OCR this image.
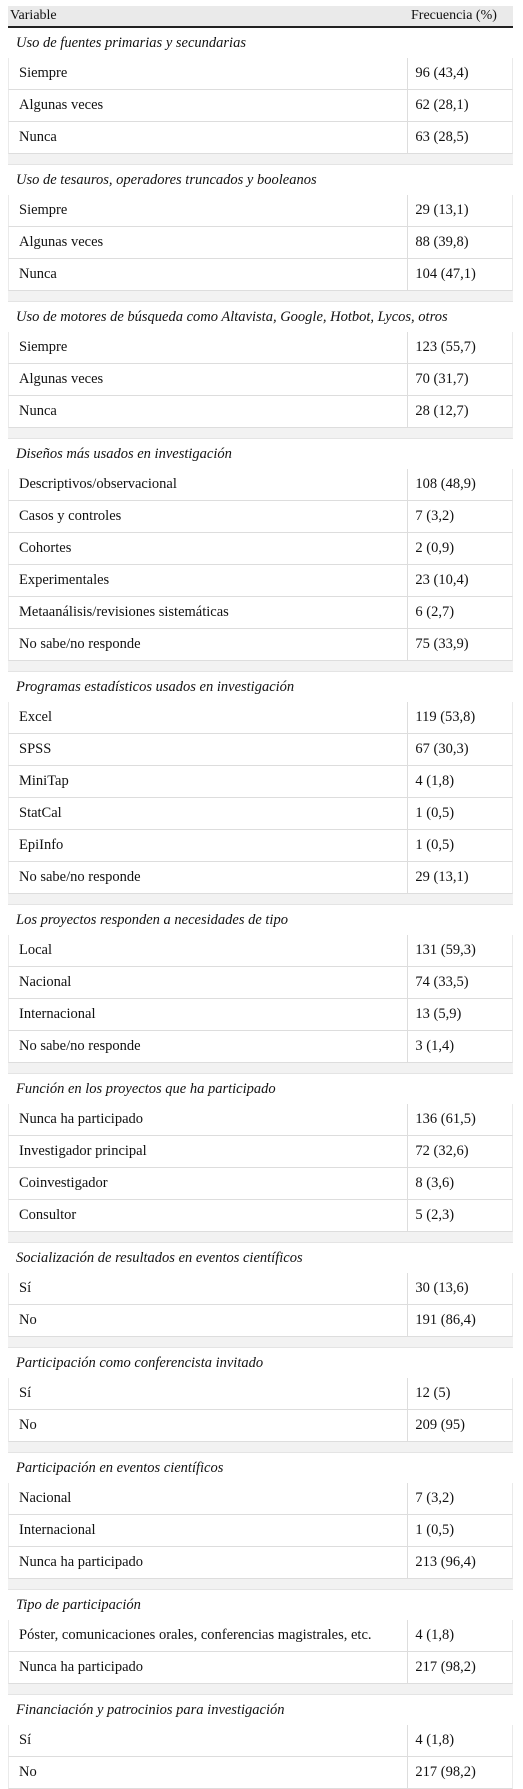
Variable	Frecuencia (%)
Uso de fuentes primarias y secundarias
Siempre	96 (43,4)
Algunas veces	62 (28,1)
Nunca	63 (28,5)
Uso de tesauros, operadores truncados y booleanos
Siempre	29 (13,1)
Algunas veces	88 (39,8)
Nunca	104 (47,1)
Uso de motores de búsqueda como Altavista, Google, Hotbot, Lycos, otros
Siempre	123 (55,7)
Algunas veces	70 (31,7)
Nunca	28 (12,7)
Diseños más usados en investigación
Descriptivos/observacional	108 (48,9)
Casos y controles	7 (3,2)
Cohortes	2 (0,9)
Experimentales	23 (10,4)
Metaanálisis/revisiones sistemáticas	6 (2,7)
No sabe/no responde	75 (33,9)
Programas estadísticos usados en investigación
Excel	119 (53,8)
SPSS	67 (30,3)
MiniTap	4 (1,8)
StatCal	1 (0,5)
EpiInfo	1 (0,5)
No sabe/no responde	29 (13,1)
Los proyectos responden a necesidades de tipo
Local	131 (59,3)
Nacional	74 (33,5)
Internacional	13 (5,9)
No sabe/no responde	3 (1,4)
Función en los proyectos que ha participado
Nunca ha participado	136 (61,5)
Investigador principal	72 (32,6)
Coinvestigador	8 (3,6)
Consultor	5 (2,3)
Socialización de resultados en eventos científicos
Sí	30 (13,6)
No	191 (86,4)
Participación como conferencista invitado
Sí	12 (5)
No	209 (95)
Participación en eventos científicos
Nacional	7 (3,2)
Internacional	1 (0,5)
Nunca ha participado	213 (96,4)
Tipo de participación
Póster, comunicaciones orales, conferencias magistrales, etc.	4 (1,8)
Nunca ha participado	217 (98,2)
Financiación y patrocinios para investigación
Sí	4 (1,8)
No	217 (98,2)
